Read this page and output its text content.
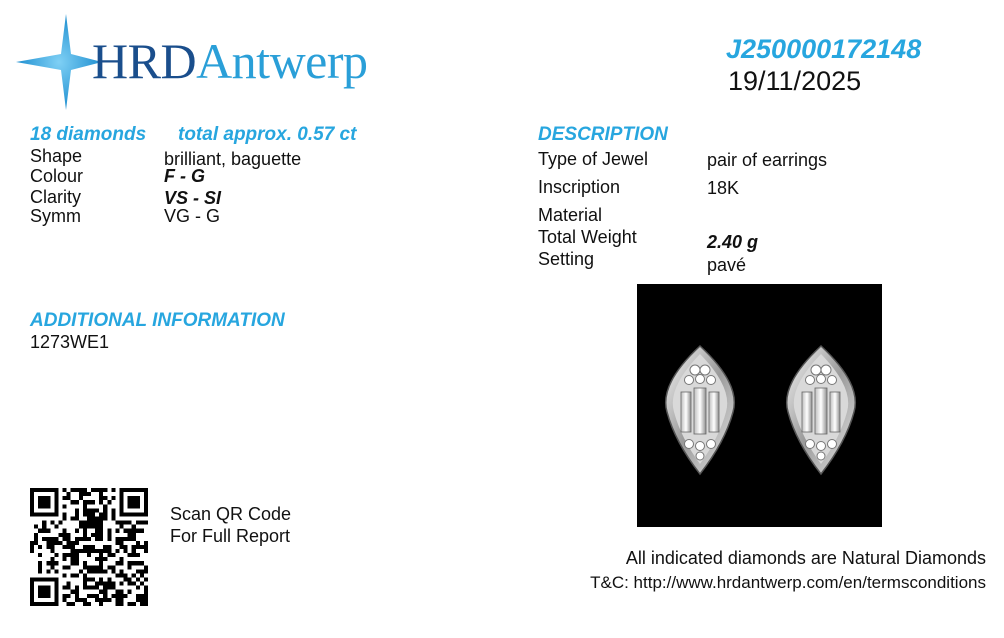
HRDAntwerp	J250000172148
19/11/2025
18 diamonds total approx. 0.57 ct
Shape	brilliant, baguette
Colour	F - G
Clarity	VS - SI
Symm	VG - G
ADDITIONAL INFORMATION
1273WE1
DESCRIPTION
Type of Jewel	pair of earrings
Inscription	18K
Material
Total Weight	2.40 g
Setting	pavé
Scan QR Code
For Full Report
All indicated diamonds are Natural Diamonds
T&C: http://www.hrdantwerp.com/en/termsconditions
